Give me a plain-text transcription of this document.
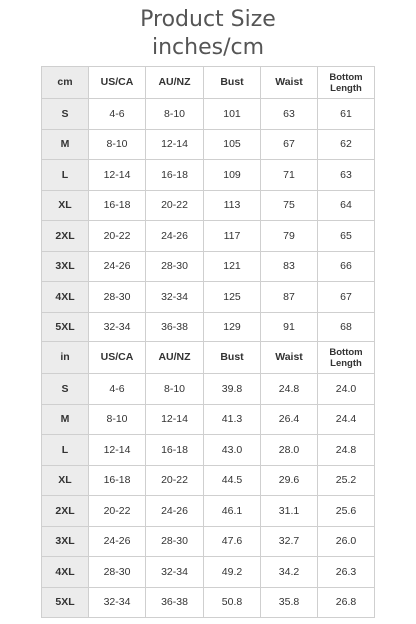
Product Size
inches/cm
cm	US/CA	AU/NZ	Bust	Waist	Bottom Length
S	4-6	8-10	101	63	61
M	8-10	12-14	105	67	62
L	12-14	16-18	109	71	63
XL	16-18	20-22	113	75	64
2XL	20-22	24-26	117	79	65
3XL	24-26	28-30	121	83	66
4XL	28-30	32-34	125	87	67
5XL	32-34	36-38	129	91	68
in	US/CA	AU/NZ	Bust	Waist	Bottom Length
S	4-6	8-10	39.8	24.8	24.0
M	8-10	12-14	41.3	26.4	24.4
L	12-14	16-18	43.0	28.0	24.8
XL	16-18	20-22	44.5	29.6	25.2
2XL	20-22	24-26	46.1	31.1	25.6
3XL	24-26	28-30	47.6	32.7	26.0
4XL	28-30	32-34	49.2	34.2	26.3
5XL	32-34	36-38	50.8	35.8	26.8
